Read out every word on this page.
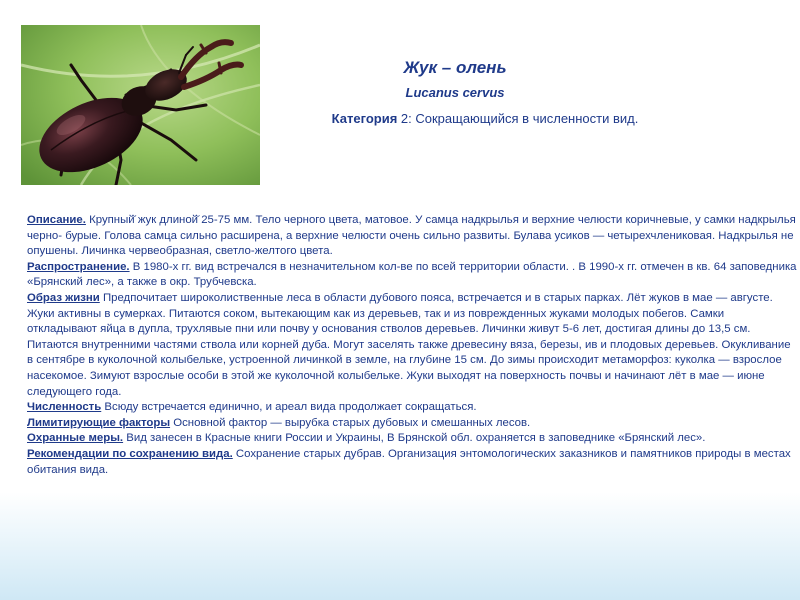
Жук – олень
Lucanus cervus
Категория 2: Сокращающийся в численности вид.

Описание. Крупный̆ жук длиной̆ 25-75 мм. Тело черного цвета, матовое. У самца надкрылья и верхние челюсти коричневые, у самки надкрылья черно- бурые. Голова самца сильно расширена, а верхние челюсти очень сильно развиты. Булава усиков — четырехчлениковая. Надкрылья не опушены. Личинка червеобразная, светло-желтого цвета.

Распространение. В 1980-х гг. вид встречался в незначительном кол-ве по всей территории области. . В 1990-х гг. отмечен в кв. 64 заповедника «Брянский лес», а также в окр. Трубчевска.

Образ жизни Предпочитает широколиственные леса в области дубового пояса, встречается и в старых парках. Лёт жуков в мае — августе. Жуки активны в сумерках. Питаются соком, вытекающим как из деревьев, так и из поврежденных жуками молодых побегов. Самки откладывают яйца в дупла, трухлявые пни или почву у основания стволов деревьев. Личинки живут 5-6 лет, достигая длины до 13,5 см. Питаются внутренними частями ствола или корней дуба. Могут заселять также древесину вяза, березы, ив и плодовых деревьев. Окукливание в сентябре в куколочной колыбельке, устроенной личинкой в земле, на глубине 15 см. До зимы происходит метаморфоз: куколка — взрослое насекомое. Зимуют взрослые особи в этой же куколочной колыбельке. Жуки выходят на поверхность почвы и начинают лёт в мае — июне следующего года.

Численность Всюду встречается единично, и ареал вида продолжает сокращаться.

Лимитирующие факторы Основной фактор — вырубка старых дубовых и смешанных лесов.

Охранные меры. Вид занесен в Красные книги России и Украины, В Брянской обл. охраняется в заповеднике «Брянский лес».

Рекомендации по сохранению вида. Сохранение старых дубрав. Организация энтомологических заказников и памятников природы в местах обитания вида.
